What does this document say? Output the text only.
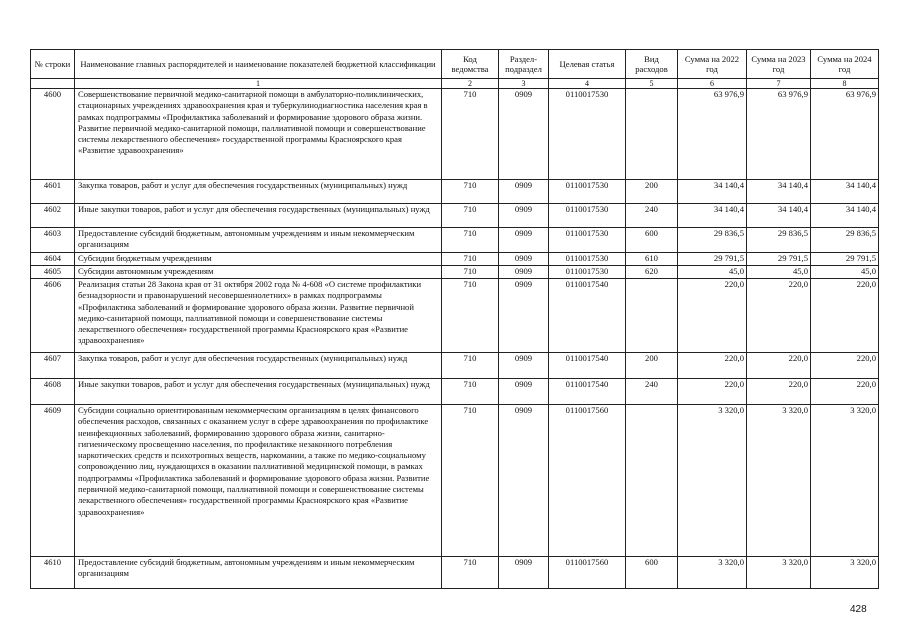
№ строки	Наименование главных распорядителей и наименование показателей бюджетной классификации	Код ведомства	Раздел-подраздел	Целевая статья	Вид расходов	Сумма на 2022 год	Сумма на 2023 год	Сумма на 2024 год
	1	2	3	4	5	6	7	8
4600	Совершенствование первичной медико-санитарной помощи в амбулаторно-поликлинических, стационарных учреждениях здравоохранения края и туберкулинодиагностика населения края в рамках подпрограммы «Профилактика заболеваний и формирование здорового образа жизни. Развитие первичной медико-санитарной помощи, паллиативной помощи и совершенствование системы лекарственного обеспечения» государственной программы Красноярского края «Развитие здравоохранения»	710	0909	0110017530		63 976,9	63 976,9	63 976,9
4601	Закупка товаров, работ и услуг для обеспечения государственных (муниципальных) нужд	710	0909	0110017530	200	34 140,4	34 140,4	34 140,4
4602	Иные закупки товаров, работ и услуг для обеспечения государственных (муниципальных) нужд	710	0909	0110017530	240	34 140,4	34 140,4	34 140,4
4603	Предоставление субсидий бюджетным, автономным учреждениям и иным некоммерческим организациям	710	0909	0110017530	600	29 836,5	29 836,5	29 836,5
4604	Субсидии бюджетным учреждениям	710	0909	0110017530	610	29 791,5	29 791,5	29 791,5
4605	Субсидии автономным учреждениям	710	0909	0110017530	620	45,0	45,0	45,0
4606	Реализация статьи 28 Закона края от 31 октября 2002 года № 4-608 «О системе профилактики безнадзорности и правонарушений несовершеннолетних» в рамках подпрограммы «Профилактика заболеваний и формирование здорового образа жизни. Развитие первичной медико-санитарной помощи, паллиативной помощи и совершенствование системы лекарственного обеспечения» государственной программы Красноярского края «Развитие здравоохранения»	710	0909	0110017540		220,0	220,0	220,0
4607	Закупка товаров, работ и услуг для обеспечения государственных (муниципальных) нужд	710	0909	0110017540	200	220,0	220,0	220,0
4608	Иные закупки товаров, работ и услуг для обеспечения государственных (муниципальных) нужд	710	0909	0110017540	240	220,0	220,0	220,0
4609	Субсидии социально ориентированным некоммерческим организациям в целях финансового обеспечения расходов, связанных с оказанием услуг в сфере здравоохранения по профилактике неинфекционных заболеваний, формированию здорового образа жизни, санитарно-гигиеническому просвещению населения, по профилактике незаконного потребления наркотических средств и психотропных веществ, наркомании, а также по медико-социальному сопровождению лиц, нуждающихся в оказании паллиативной медицинской помощи, в рамках подпрограммы «Профилактика заболеваний и формирование здорового образа жизни. Развитие первичной медико-санитарной помощи, паллиативной помощи и совершенствование системы лекарственного обеспечения» государственной программы Красноярского края «Развитие здравоохранения»	710	0909	0110017560		3 320,0	3 320,0	3 320,0
4610	Предоставление субсидий бюджетным, автономным учреждениям и иным некоммерческим организациям	710	0909	0110017560	600	3 320,0	3 320,0	3 320,0
428
